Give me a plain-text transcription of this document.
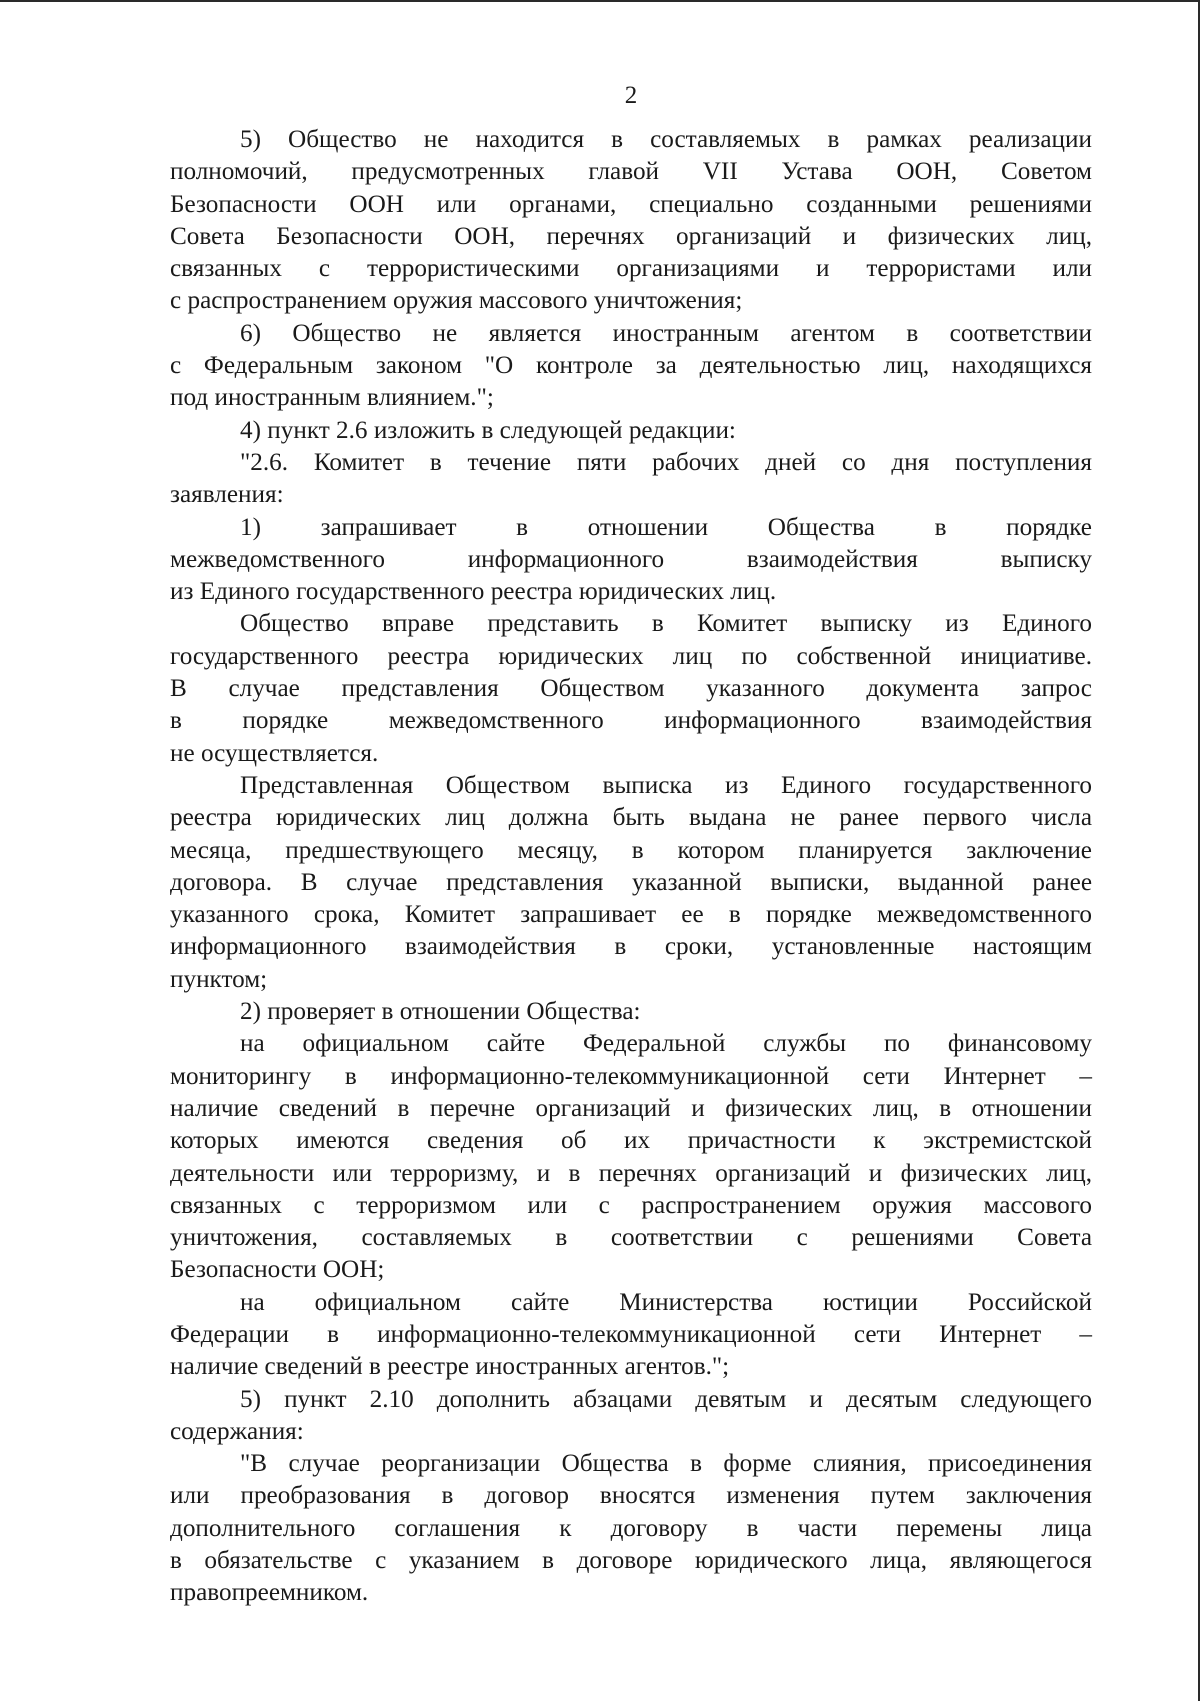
2
5) Общество не находится в составляемых в рамках реализации
полномочий, предусмотренных главой VII Устава ООН, Советом
Безопасности ООН или органами, специально созданными решениями
Совета Безопасности ООН, перечнях организаций и физических лиц,
связанных с террористическими организациями и террористами или
с распространением оружия массового уничтожения;
6) Общество не является иностранным агентом в соответствии
с Федеральным законом "О контроле за деятельностью лиц, находящихся
под иностранным влиянием.";
4) пункт 2.6 изложить в следующей редакции:
"2.6. Комитет в течение пяти рабочих дней со дня поступления
заявления:
1) запрашивает в отношении Общества в порядке
межведомственного информационного взаимодействия выписку
из Единого государственного реестра юридических лиц.
Общество вправе представить в Комитет выписку из Единого
государственного реестра юридических лиц по собственной инициативе.
В случае представления Обществом указанного документа запрос
в порядке межведомственного информационного взаимодействия
не осуществляется.
Представленная Обществом выписка из Единого государственного
реестра юридических лиц должна быть выдана не ранее первого числа
месяца, предшествующего месяцу, в котором планируется заключение
договора. В случае представления указанной выписки, выданной ранее
указанного срока, Комитет запрашивает ее в порядке межведомственного
информационного взаимодействия в сроки, установленные настоящим
пунктом;
2) проверяет в отношении Общества:
на официальном сайте Федеральной службы по финансовому
мониторингу в информационно-телекоммуникационной сети Интернет –
наличие сведений в перечне организаций и физических лиц, в отношении
которых имеются сведения об их причастности к экстремистской
деятельности или терроризму, и в перечнях организаций и физических лиц,
связанных с терроризмом или с распространением оружия массового
уничтожения, составляемых в соответствии с решениями Совета
Безопасности ООН;
на официальном сайте Министерства юстиции Российской
Федерации в информационно-телекоммуникационной сети Интернет –
наличие сведений в реестре иностранных агентов.";
5) пункт 2.10 дополнить абзацами девятым и десятым следующего
содержания:
"В случае реорганизации Общества в форме слияния, присоединения
или преобразования в договор вносятся изменения путем заключения
дополнительного соглашения к договору в части перемены лица
в обязательстве с указанием в договоре юридического лица, являющегося
правопреемником.
